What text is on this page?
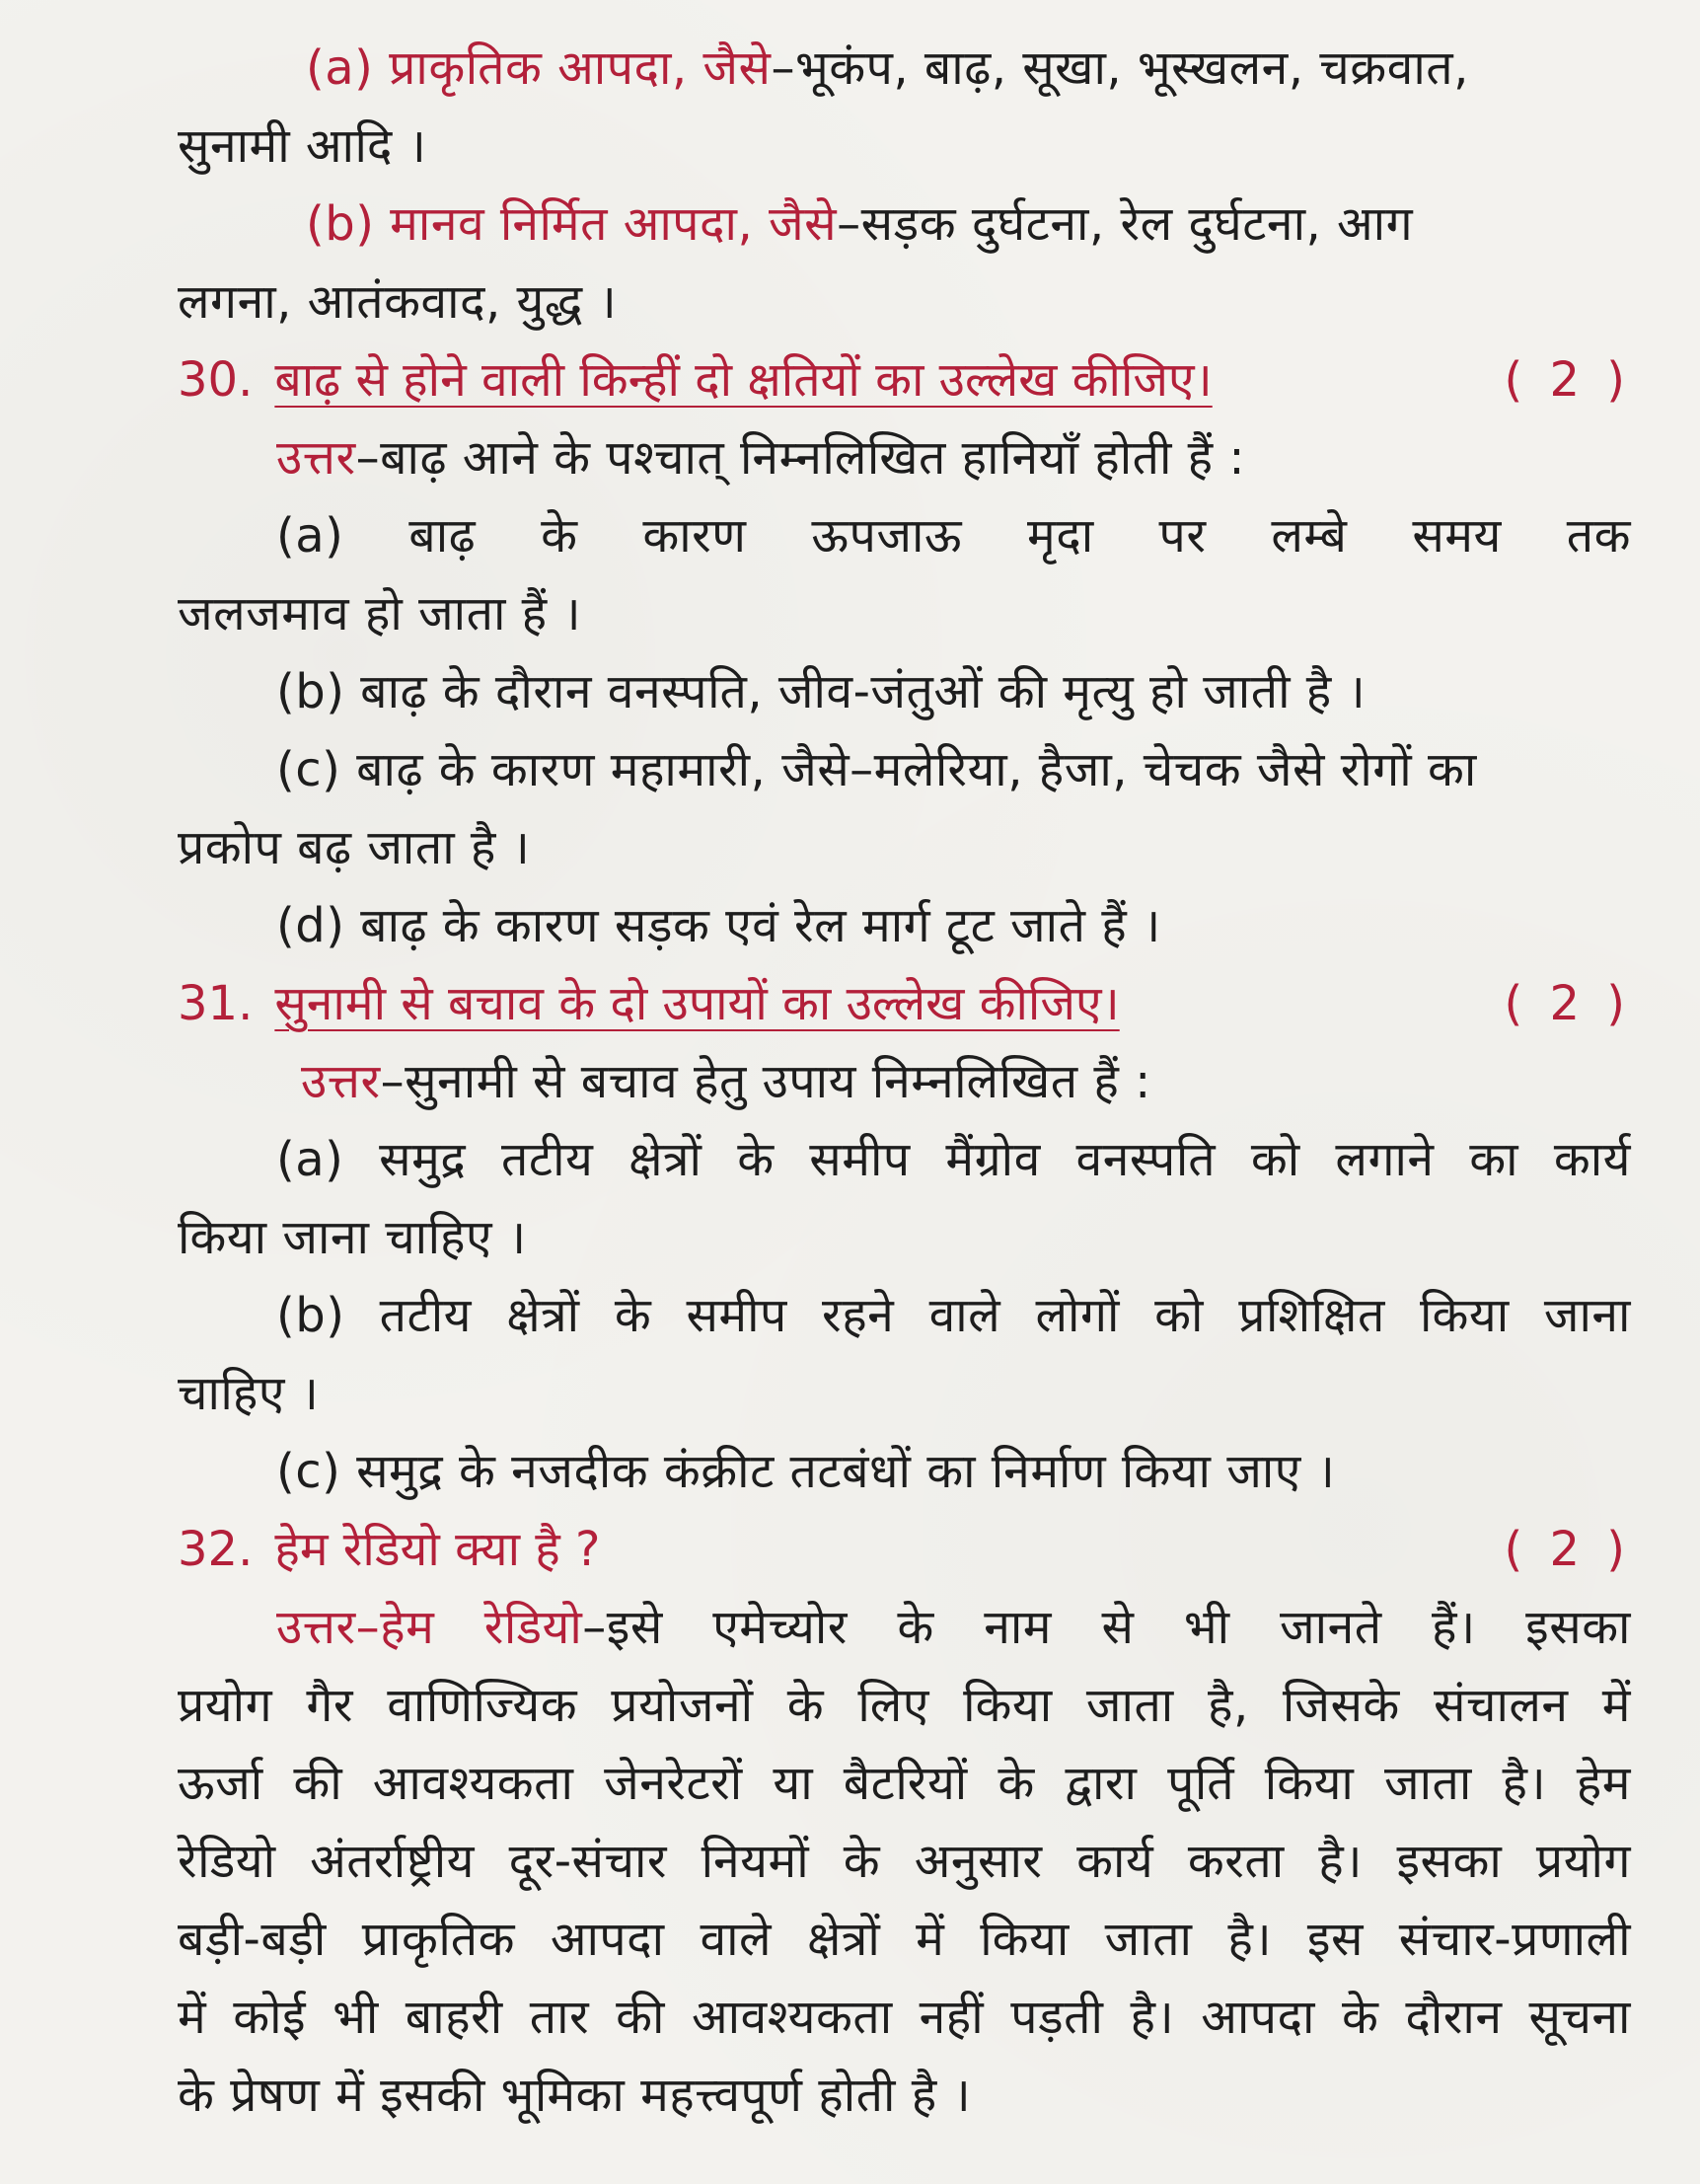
(a) प्राकृतिक आपदा, जैसे–भूकंप, बाढ़, सूखा, भूस्खलन, चक्रवात,
सुनामी आदि ।
(b) मानव निर्मित आपदा, जैसे–सड़क दुर्घटना, रेल दुर्घटना, आग
लगना, आतंकवाद, युद्ध ।
30. बाढ़ से होने वाली किन्हीं दो क्षतियों का उल्लेख कीजिए।	( 2 )
उत्तर–बाढ़ आने के पश्चात् निम्नलिखित हानियाँ होती हैं :
(a) बाढ़ के कारण ऊपजाऊ मृदा पर लम्बे समय तक
जलजमाव हो जाता हैं ।
(b) बाढ़ के दौरान वनस्पति, जीव-जंतुओं की मृत्यु हो जाती है ।
(c) बाढ़ के कारण महामारी, जैसे–मलेरिया, हैजा, चेचक जैसे रोगों का
प्रकोप बढ़ जाता है ।
(d) बाढ़ के कारण सड़क एवं रेल मार्ग टूट जाते हैं ।
31. सुनामी से बचाव के दो उपायों का उल्लेख कीजिए।	( 2 )
उत्तर–सुनामी से बचाव हेतु उपाय निम्नलिखित हैं :
(a) समुद्र तटीय क्षेत्रों के समीप मैंग्रोव वनस्पति को लगाने का कार्य
किया जाना चाहिए ।
(b) तटीय क्षेत्रों के समीप रहने वाले लोगों को प्रशिक्षित किया जाना
चाहिए ।
(c) समुद्र के नजदीक कंक्रीट तटबंधों का निर्माण किया जाए ।
32. हेम रेडियो क्या है ?	( 2 )
उत्तर–हेम रेडियो–इसे एमेच्योर के नाम से भी जानते हैं। इसका
प्रयोग गैर वाणिज्यिक प्रयोजनों के लिए किया जाता है, जिसके संचालन में
ऊर्जा की आवश्यकता जेनरेटरों या बैटरियों के द्वारा पूर्ति किया जाता है। हेम
रेडियो अंतर्राष्ट्रीय दूर-संचार नियमों के अनुसार कार्य करता है। इसका प्रयोग
बड़ी-बड़ी प्राकृतिक आपदा वाले क्षेत्रों में किया जाता है। इस संचार-प्रणाली
में कोई भी बाहरी तार की आवश्यकता नहीं पड़ती है। आपदा के दौरान सूचना
के प्रेषण में इसकी भूमिका महत्त्वपूर्ण होती है ।
